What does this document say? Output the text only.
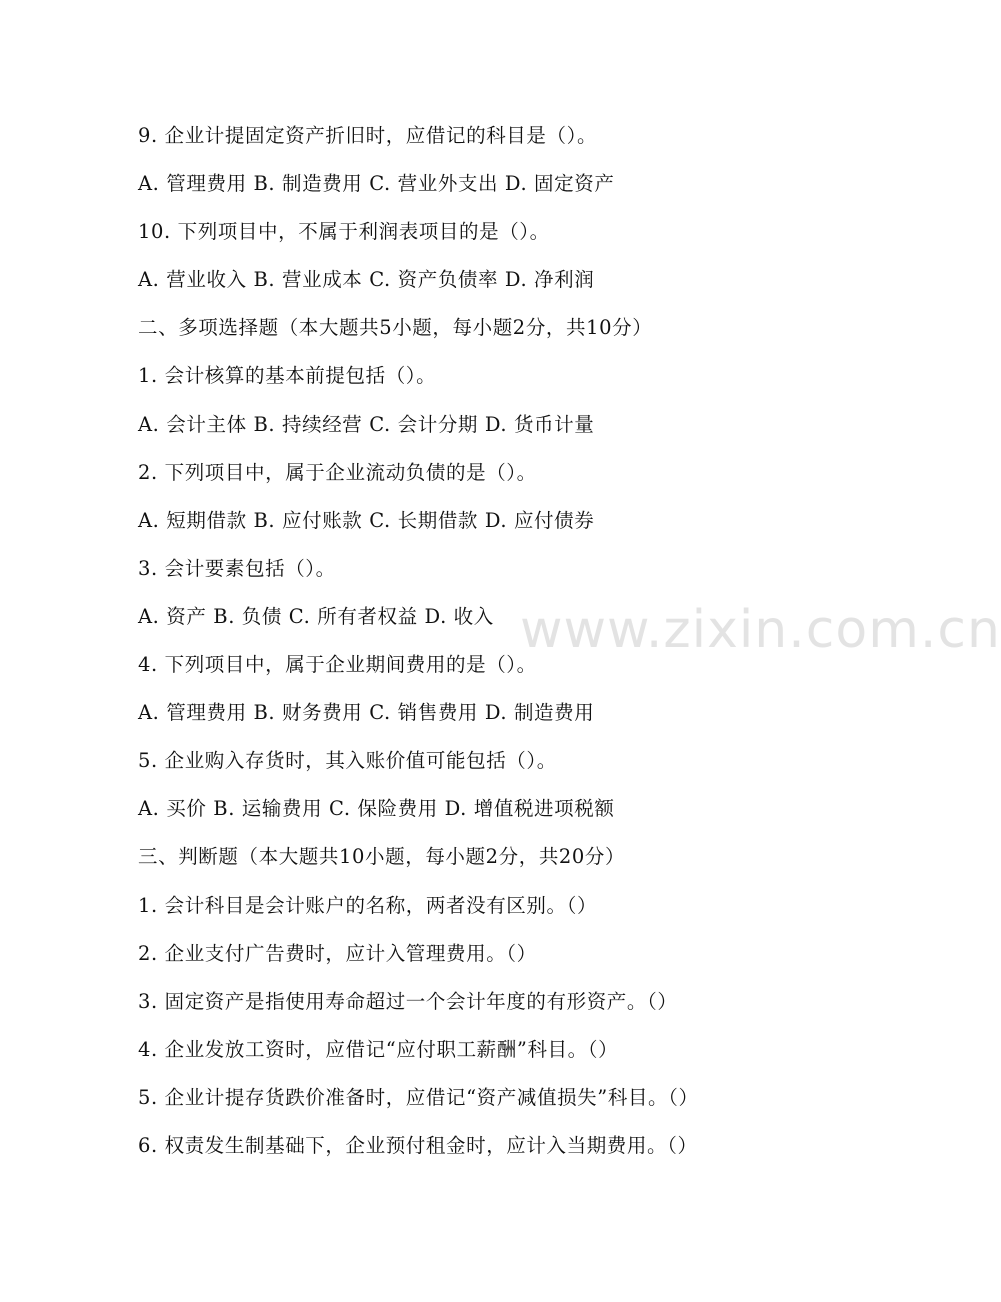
www.zixin.com.cn
9. 企业计提固定资产折旧时，应借记的科目是（）。
A. 管理费用 B. 制造费用 C. 营业外支出 D. 固定资产
10. 下列项目中，不属于利润表项目的是（）。
A. 营业收入 B. 营业成本 C. 资产负债率 D. 净利润
二、多项选择题（本大题共5小题，每小题2分，共10分）
1. 会计核算的基本前提包括（）。
A. 会计主体 B. 持续经营 C. 会计分期 D. 货币计量
2. 下列项目中，属于企业流动负债的是（）。
A. 短期借款 B. 应付账款 C. 长期借款 D. 应付债券
3. 会计要素包括（）。
A. 资产 B. 负债 C. 所有者权益 D. 收入
4. 下列项目中，属于企业期间费用的是（）。
A. 管理费用 B. 财务费用 C. 销售费用 D. 制造费用
5. 企业购入存货时，其入账价值可能包括（）。
A. 买价 B. 运输费用 C. 保险费用 D. 增值税进项税额
三、判断题（本大题共10小题，每小题2分，共20分）
1. 会计科目是会计账户的名称，两者没有区别。（）
2. 企业支付广告费时，应计入管理费用。（）
3. 固定资产是指使用寿命超过一个会计年度的有形资产。（）
4. 企业发放工资时，应借记“应付职工薪酬”科目。（）
5. 企业计提存货跌价准备时，应借记“资产减值损失”科目。（）
6. 权责发生制基础下，企业预付租金时，应计入当期费用。（）
